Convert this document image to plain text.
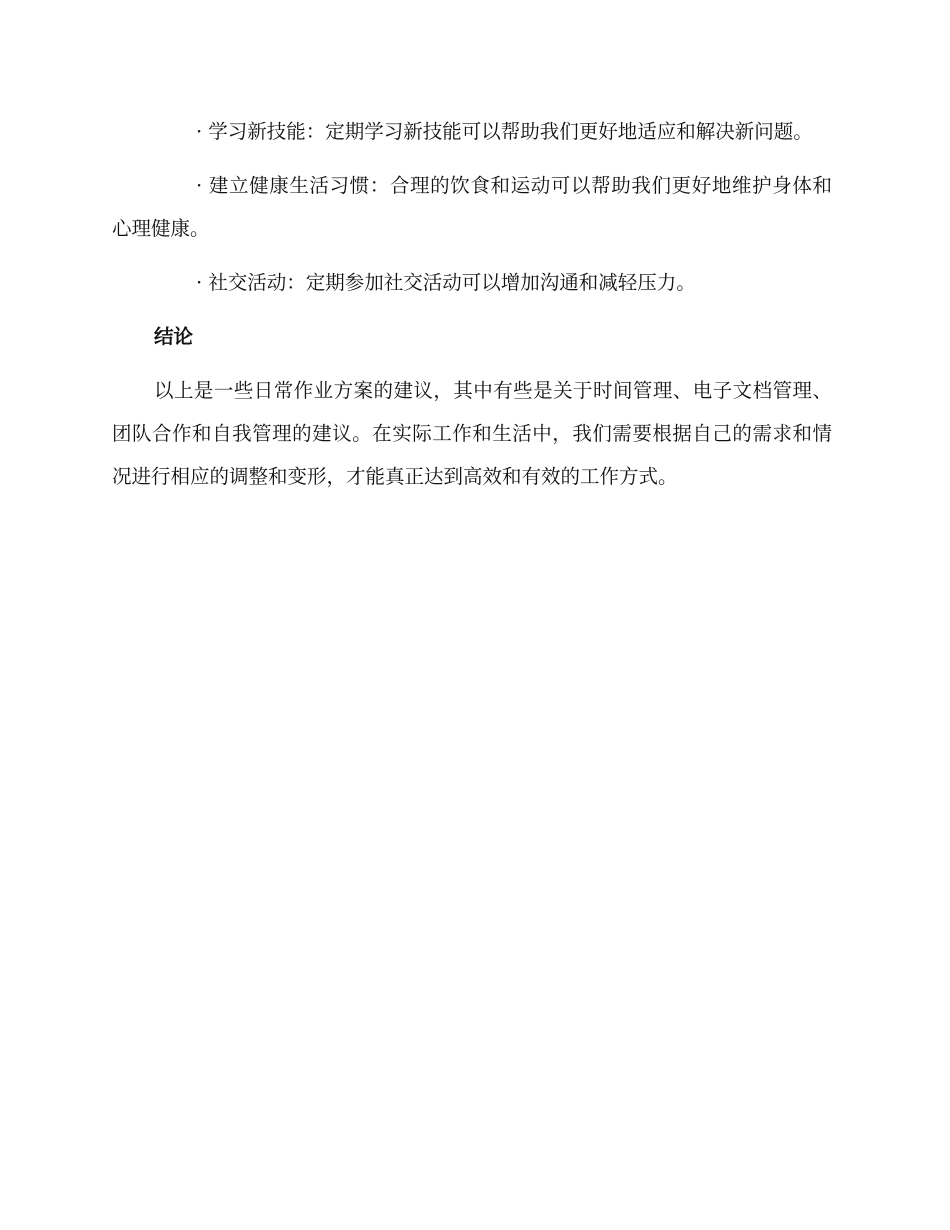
· 学习新技能：定期学习新技能可以帮助我们更好地适应和解决新问题。

· 建立健康生活习惯：合理的饮食和运动可以帮助我们更好地维护身体和心理健康。

· 社交活动：定期参加社交活动可以增加沟通和减轻压力。

结论

以上是一些日常作业方案的建议，其中有些是关于时间管理、电子文档管理、团队合作和自我管理的建议。在实际工作和生活中，我们需要根据自己的需求和情况进行相应的调整和变形，才能真正达到高效和有效的工作方式。
